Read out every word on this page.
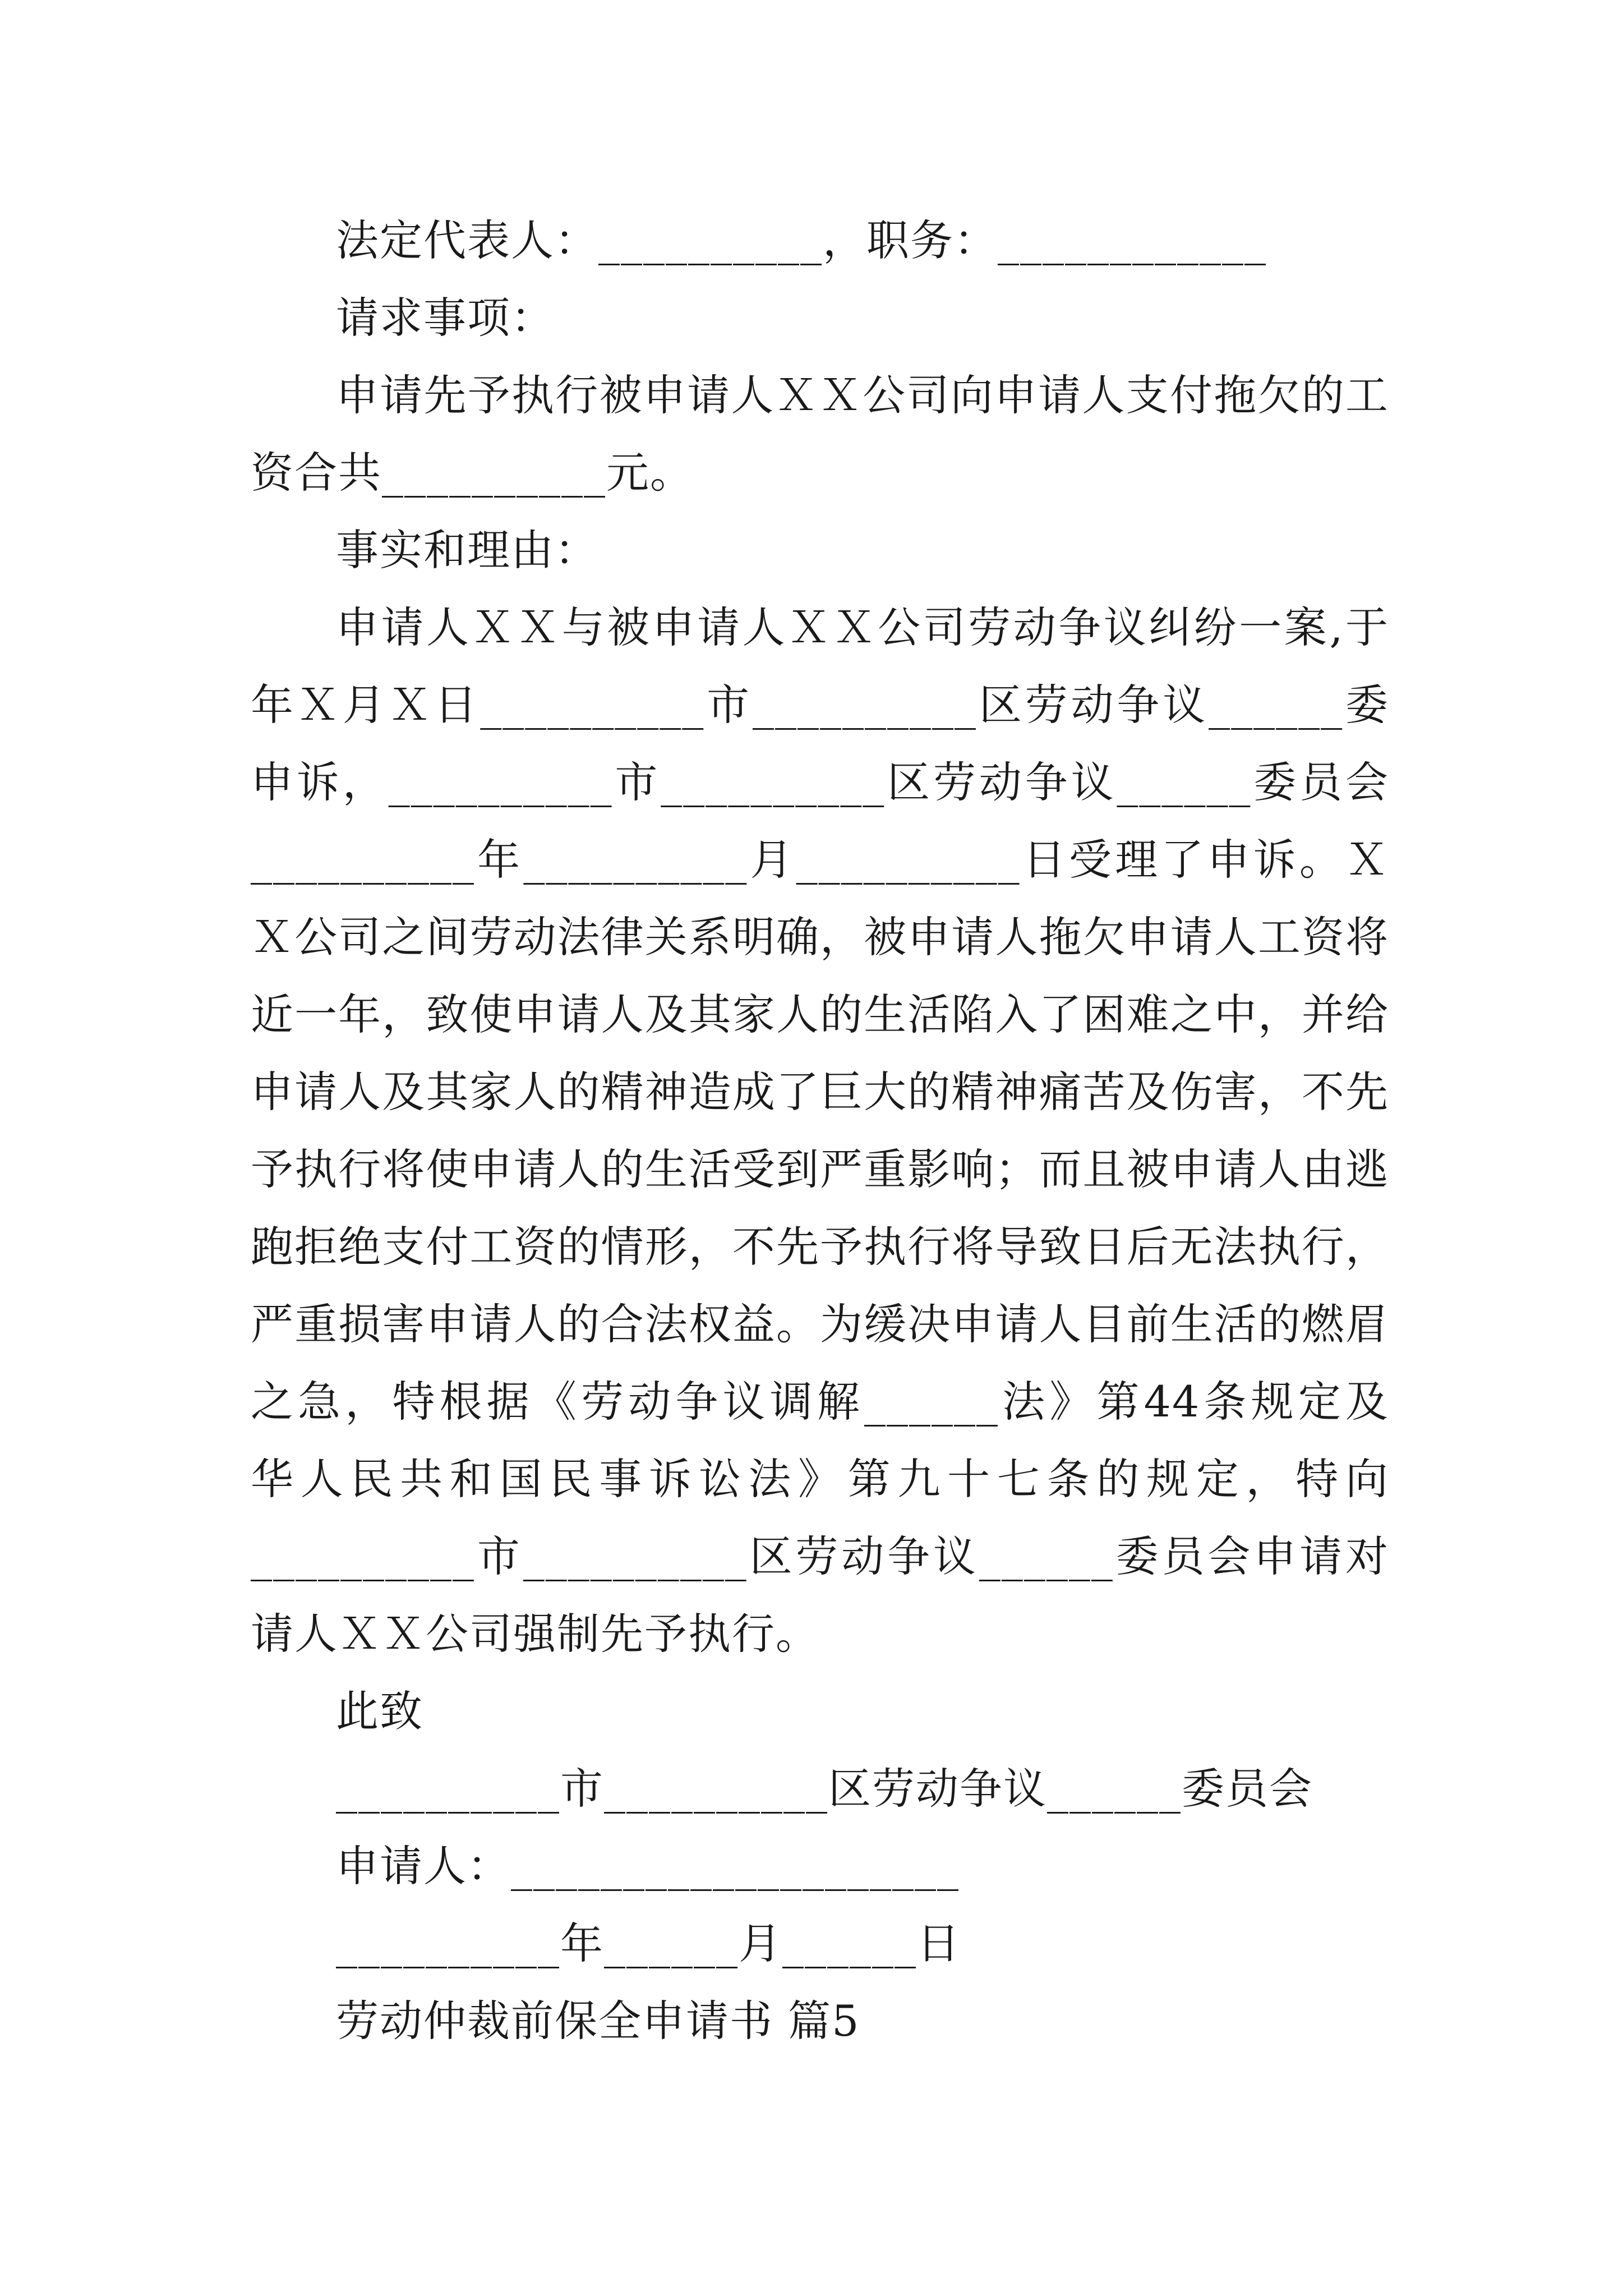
法定代表人：__________，职务：____________
请求事项：
申请先予执行被申请人ＸＸ公司向申请人支付拖欠的工
资合共__________元。
事实和理由：
申请人ＸＸ与被申请人ＸＸ公司劳动争议纠纷一案,于
年Ｘ月Ｘ日__________市__________区劳动争议______委
申诉，__________市__________区劳动争议______委员会
__________年__________月__________日受理了申诉。Ｘ
Ｘ公司之间劳动法律关系明确，被申请人拖欠申请人工资将
近一年，致使申请人及其家人的生活陷入了困难之中，并给
申请人及其家人的精神造成了巨大的精神痛苦及伤害，不先
予执行将使申请人的生活受到严重影响；而且被申请人由逃
跑拒绝支付工资的情形，不先予执行将导致日后无法执行，
严重损害申请人的合法权益。为缓决申请人目前生活的燃眉
之急，特根据《劳动争议调解______法》第44条规定及
华人民共和国民事诉讼法》第九十七条的规定，特向
__________市__________区劳动争议______委员会申请对
请人ＸＸ公司强制先予执行。
此致
__________市__________区劳动争议______委员会
申请人：____________________
__________年______月______日
劳动仲裁前保全申请书 篇5
